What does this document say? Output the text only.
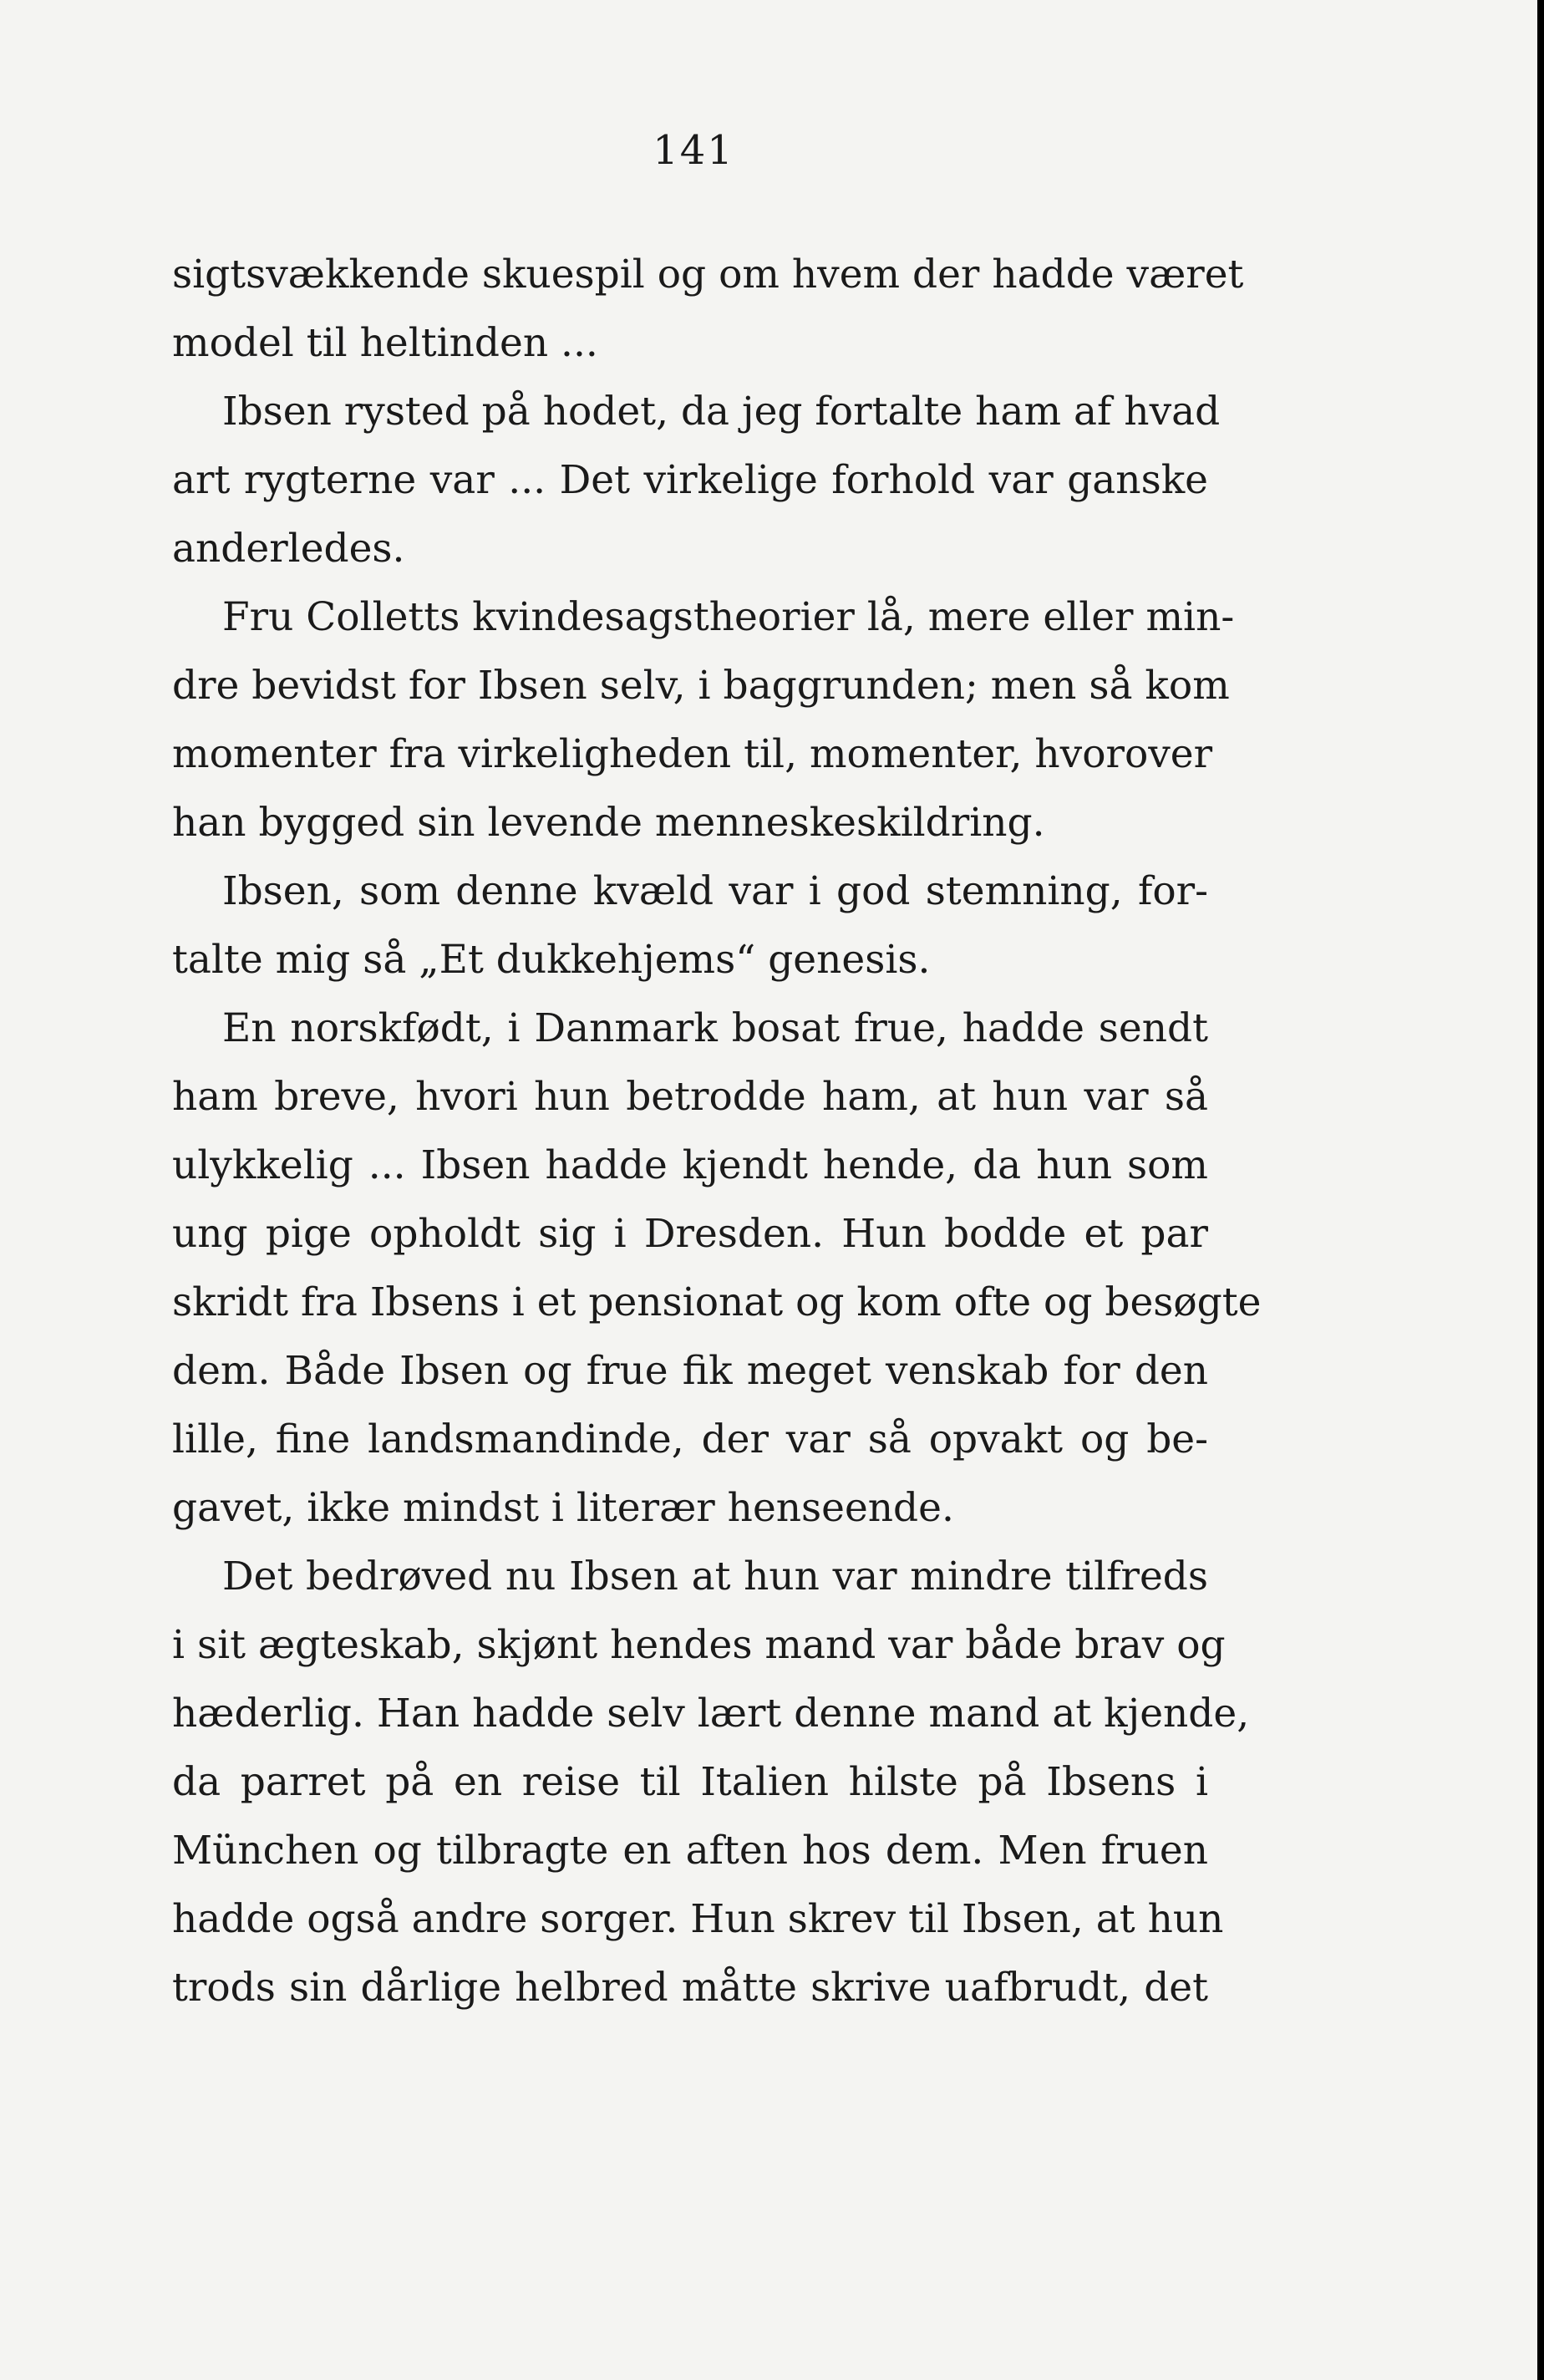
141
sigtsvækkende skuespil og om hvem der hadde været
model til heltinden ...
Ibsen rysted på hodet, da jeg fortalte ham af hvad
art rygterne var ... Det virkelige forhold var ganske
anderledes.
Fru Colletts kvindesagstheorier lå, mere eller min-
dre bevidst for Ibsen selv, i baggrunden; men så kom
momenter fra virkeligheden til, momenter, hvorover
han bygged sin levende menneskeskildring.
Ibsen, som denne kvæld var i god stemning, for-
talte mig så „Et dukkehjems“ genesis.
En norskfødt, i Danmark bosat frue, hadde sendt
ham breve, hvori hun betrodde ham, at hun var så
ulykkelig ... Ibsen hadde kjendt hende, da hun som
ung pige opholdt sig i Dresden. Hun bodde et par
skridt fra Ibsens i et pensionat og kom ofte og besøgte
dem. Både Ibsen og frue fik meget venskab for den
lille, fine landsmandinde, der var så opvakt og be-
gavet, ikke mindst i literær henseende.
Det bedrøved nu Ibsen at hun var mindre tilfreds
i sit ægteskab, skjønt hendes mand var både brav og
hæderlig. Han hadde selv lært denne mand at kjende,
da parret på en reise til Italien hilste på Ibsens i
München og tilbragte en aften hos dem. Men fruen
hadde også andre sorger. Hun skrev til Ibsen, at hun
trods sin dårlige helbred måtte skrive uafbrudt, det
